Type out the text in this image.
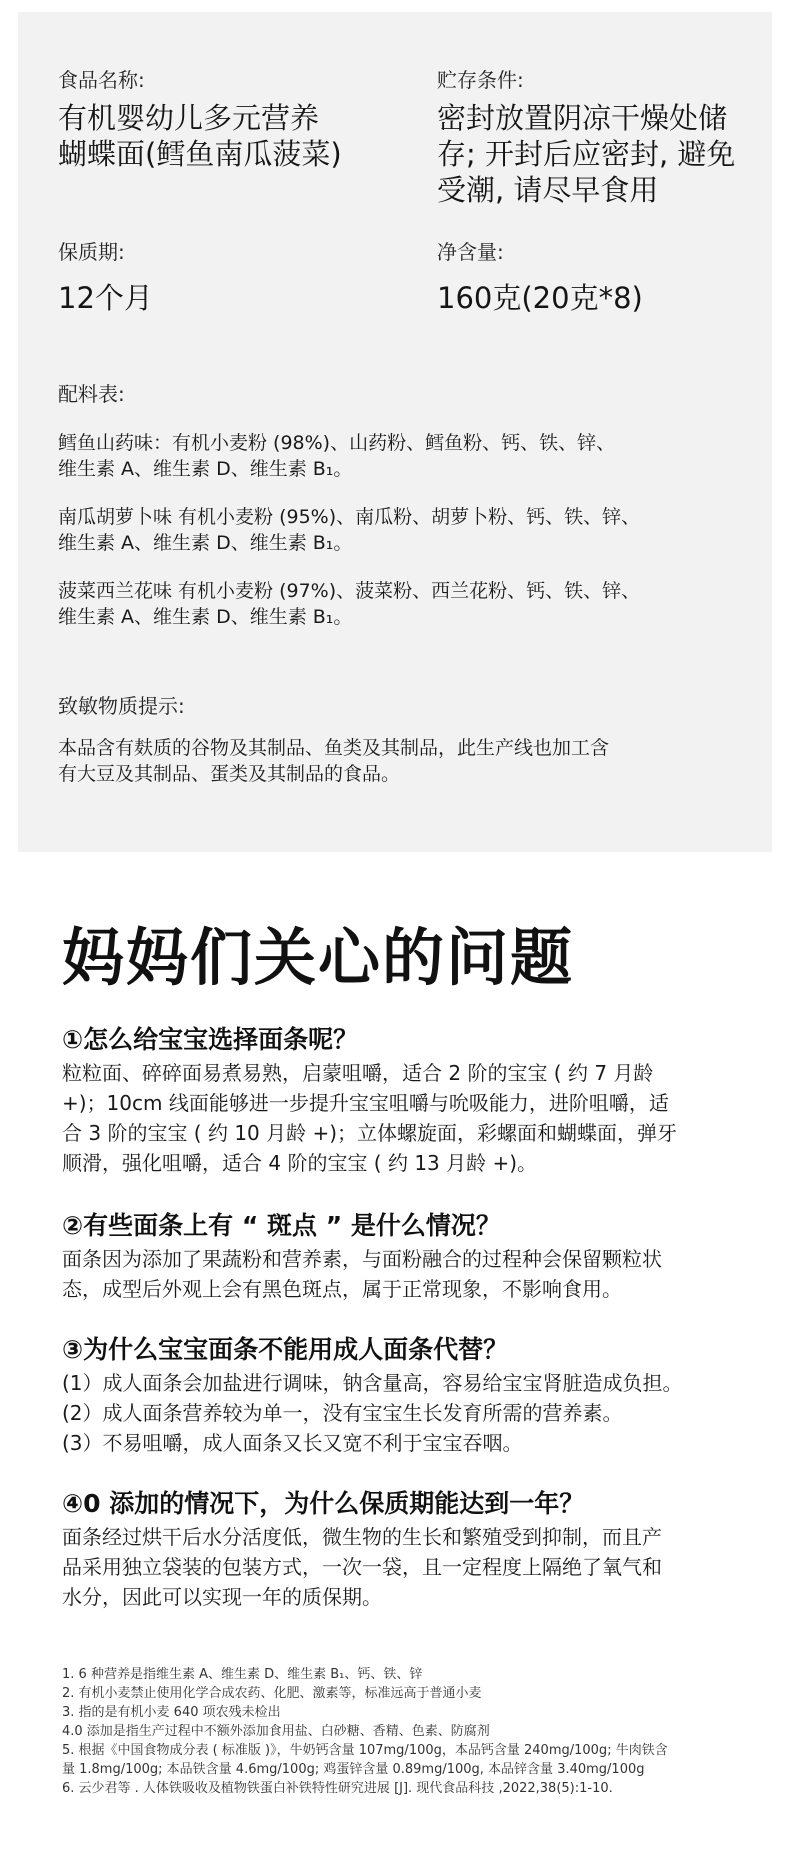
食品名称:
有机婴幼儿多元营养
蝴蝶面(鳕鱼南瓜菠菜)
贮存条件:
密封放置阴凉干燥处储
存; 开封后应密封, 避免
受潮, 请尽早食用
保质期:
12个月
净含量:
160克(20克*8)
配料表:
鳕鱼山药味：有机小麦粉 (98%)、山药粉、鳕鱼粉、钙、铁、锌、
维生素 A、维生素 D、维生素 B₁。
南瓜胡萝卜味 有机小麦粉 (95%)、南瓜粉、胡萝卜粉、钙、铁、锌、
维生素 A、维生素 D、维生素 B₁。
菠菜西兰花味 有机小麦粉 (97%)、菠菜粉、西兰花粉、钙、铁、锌、
维生素 A、维生素 D、维生素 B₁。
致敏物质提示:
本品含有麸质的谷物及其制品、鱼类及其制品，此生产线也加工含
有大豆及其制品、蛋类及其制品的食品。
妈妈们关心的问题
①怎么给宝宝选择面条呢？

粒粒面、碎碎面易煮易熟，启蒙咀嚼，适合 2 阶的宝宝 ( 约 7 月龄

+)；10cm 线面能够进一步提升宝宝咀嚼与吮吸能力，进阶咀嚼，适

合 3 阶的宝宝 ( 约 10 月龄 +)；立体螺旋面，彩螺面和蝴蝶面，弹牙

顺滑，强化咀嚼，适合 4 阶的宝宝 ( 约 13 月龄 +)。

②有些面条上有 “ 斑点 ” 是什么情况？

面条因为添加了果蔬粉和营养素，与面粉融合的过程种会保留颗粒状

态，成型后外观上会有黑色斑点，属于正常现象，不影响食用。

③为什么宝宝面条不能用成人面条代替？

(1）成人面条会加盐进行调味，钠含量高，容易给宝宝肾脏造成负担。

(2）成人面条营养较为单一，没有宝宝生长发育所需的营养素。

(3）不易咀嚼，成人面条又长又宽不利于宝宝吞咽。

④0 添加的情况下，为什么保质期能达到一年？

面条经过烘干后水分活度低，微生物的生长和繁殖受到抑制，而且产

品采用独立袋装的包装方式，一次一袋，且一定程度上隔绝了氧气和

水分，因此可以实现一年的质保期。

1. 6 种营养是指维生素 A、维生素 D、维生素 B₁、钙、铁、锌

2. 有机小麦禁止使用化学合成农药、化肥、激素等，标准远高于普通小麦

3. 指的是有机小麦 640 项农残未检出

4.0 添加是指生产过程中不额外添加食用盐、白砂糖、香精、色素、防腐剂

5. 根据《中国食物成分表 ( 标准版 )》，牛奶钙含量 107mg/100g，本品钙含量 240mg/100g; 牛肉铁含

量 1.8mg/100g; 本品铁含量 4.6mg/100g; 鸡蛋锌含量 0.89mg/100g, 本品锌含量 3.40mg/100g

6. 云少君等 . 人体铁吸收及植物铁蛋白补铁特性研究进展 [J]. 现代食品科技 ,2022,38(5):1-10.
